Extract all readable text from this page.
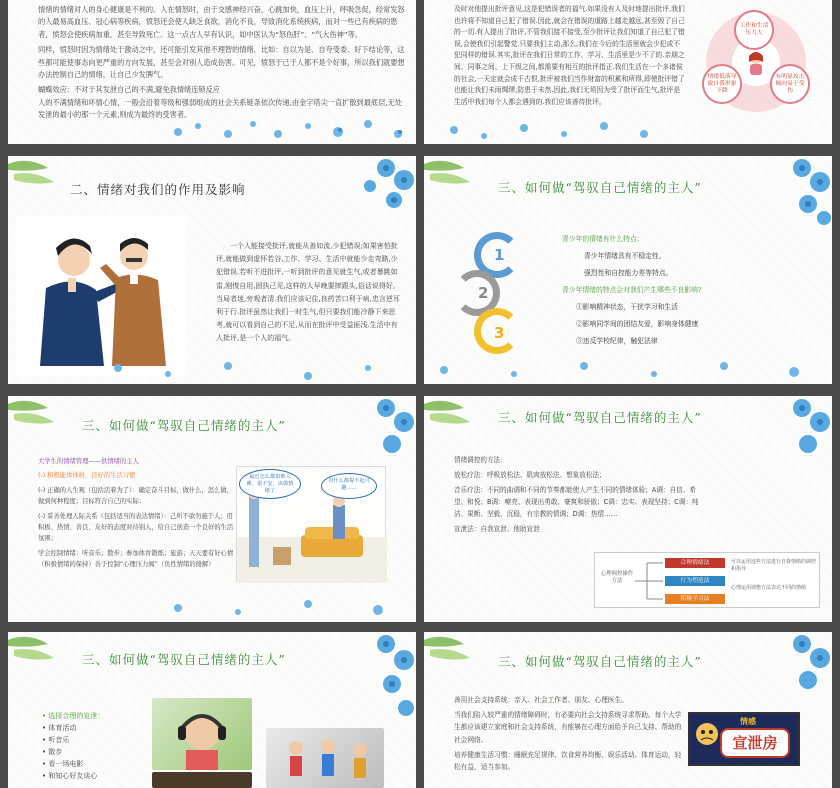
情绪的情绪对人的身心健康是不利的。人在情怒时，由于交感神经兴奋，心跳加快，血压上升，呼吸急促，经常发怒的人最易高血压、冠心病等疾病，愤怒还会使人缺乏食欲，消化不良，导致消化系统疾病，而对一些已有疾病的患者，愤怒会使疾病加重，甚至导致死亡。这一点古人早有认识，如中医认为“怒伤肝”、“气大伤神”等。

同样，愤怒时因为情绪处于激动之中，还可能引发其他不理智的情绪，比如：自以为是、自夸受委、好下结论等，这些都可能使事态向更严重的方向发展，甚至会对别人造成伤害。可见，愤怒于己于人都不是个好事，所以我们就要想办法控制自己的情绪，让自己少发脾气。

蝴蝶效应：不对于其发泄自己的不满,避免我情绪连锁反应

人的不满情绪和坏情心情，一般会沿着等级和强弱组成的社会关系链条依次传递,由金字塔尖一直扩散到最底层,无处发泄的最小的那一个元素,则成为最终的受害者。

及时对他提出批评意见,这是犯错误者的福气.如果没有人及时地提出批评,我们也许将不知道自己犯了错误.因此,就会在错误的道路上越走越远,甚至毁了自己的一切.有人提出了批评,不管我们接不接受,至少批评让我们知道了自己犯了错误,会使我们引起警觉.只要我们主动,那么,我们在今后的生活里就会少犯或不犯同样的错误.其实,批评在我们日常的工作、学习、生活里是少不了的.亲朋之间、同事之间、上下级之间,都需要有相互的批评指正.我们生活在一个多诸侯的社会,一天定就会成千古恨,批评被我们当作财富的积累和所得,即使批评错了也能让我们未雨绸缪,防患于未然.因此,我们无须因为受了批评而生气,批评是生活中我们每个人都会遇到的.我们应该善待批评。
工作和生活压力大
情绪低落导致自我形象下降
有明显攻击倾向易于受伤
二、情绪对我们的作用及影响
一个人能接受批评,就能从善如流,少犯错误;如果害怕批评,就能做到虚怀若谷,工作、学习、生活中就能少走弯路,少犯错误.若听不进批评,一听到批评的意见就生气,或者暴跳如雷,刚愎自用,固执己见,这样的人早晚要摔跟头,俗话说得好,当局者迷,旁观者清.我们应该记住,良药苦口利于病,忠言逆耳利于行.批评虽然让我们一时生气,但只要我们能冷静下来思考,就可以看到自己的不足,从而在批评中受益匪浅.生活中有人批评,是一个人的福气。
三、如何做“驾驭自己情绪的主人”
1
2
3
青少年的情绪有什么特点：
青少年情绪具有不稳定性、
强烈性和自控能力差等特点。
青少年情绪的特点会对我们产生哪些不良影响?
①影响精神状态，干扰学习和生活
②影响同学间的团结友爱，影响身体健康
③违反学校纪律，触犯法律
三、如何做“驾驭自己情绪的主人”

大学生的情绪管理——供情绪的主人

(-) 积极能体体格，良好的生活习惯

(-) 正确的人生观（包括活着为了）：确定奋斗目标，做什么，怎么做，做到何种程度；目标符合自己的实际：

(-) 妥善处理人际关系（包括适当的表达情绪）：己所不欲勿施于人；用积极、热情、善良、友好的态度对待别人，给自己创造一个良好的生活氛围；

学会控制情绪：听音乐；散步；参加体育锻炼；旅游；天天要有好心情（积极情绪的保持）善于控制“心理压力阀”（负性情绪的排解）

最近怎么都很难入睡，很不安，该做情绪了
对什么都提不起兴趣……
三、如何做“驾驭自己情绪的主人”

情绪调控的方法：

放松疗法：呼吸放松法、肌肉放松法、想象放松法；

音乐疗法：不同的曲调和不同的节奏都能使人产生不同的情绪体验；A调：自信、希望、和悦；B调：嘹亮、表现出勇敢、豪爽和骄傲；C调：忠实、表现坚持；C调：纯洁、果断、坚毅、沉稳，有宗教的情调；D调：热情……

宣泄法：自我宣泄、他助宣泄

心理调控操作方法
合理情绪法
行为塑造法
积极学习法
可以运用这些方法进行自我情绪的调控和指导
心理运用调整方法表达不同的情绪
三、如何做“驾驭自己情绪的主人”

• 选择合理的宣泄：

• 体育活动

• 听音乐

• 散步

• 看一场电影

• 和知心好友谈心

三、如何做“驾驭自己情绪的主人”

善用社会支持系统：亲人、社会工作者、朋友、心理医生。

当我们陷入较严重的情绪障碍时，有必要向社会支持系统寻求帮助。每个大学生都应该建立家庭和社会支持系统，有能够在心理方面给予自己支持、帮助的社会网络。

培养健康生活习惯：睡眠充足规律、饮食营养均衡、娱乐活动、体育运动，轻松有益，适当参加。

情感
宣泄房
